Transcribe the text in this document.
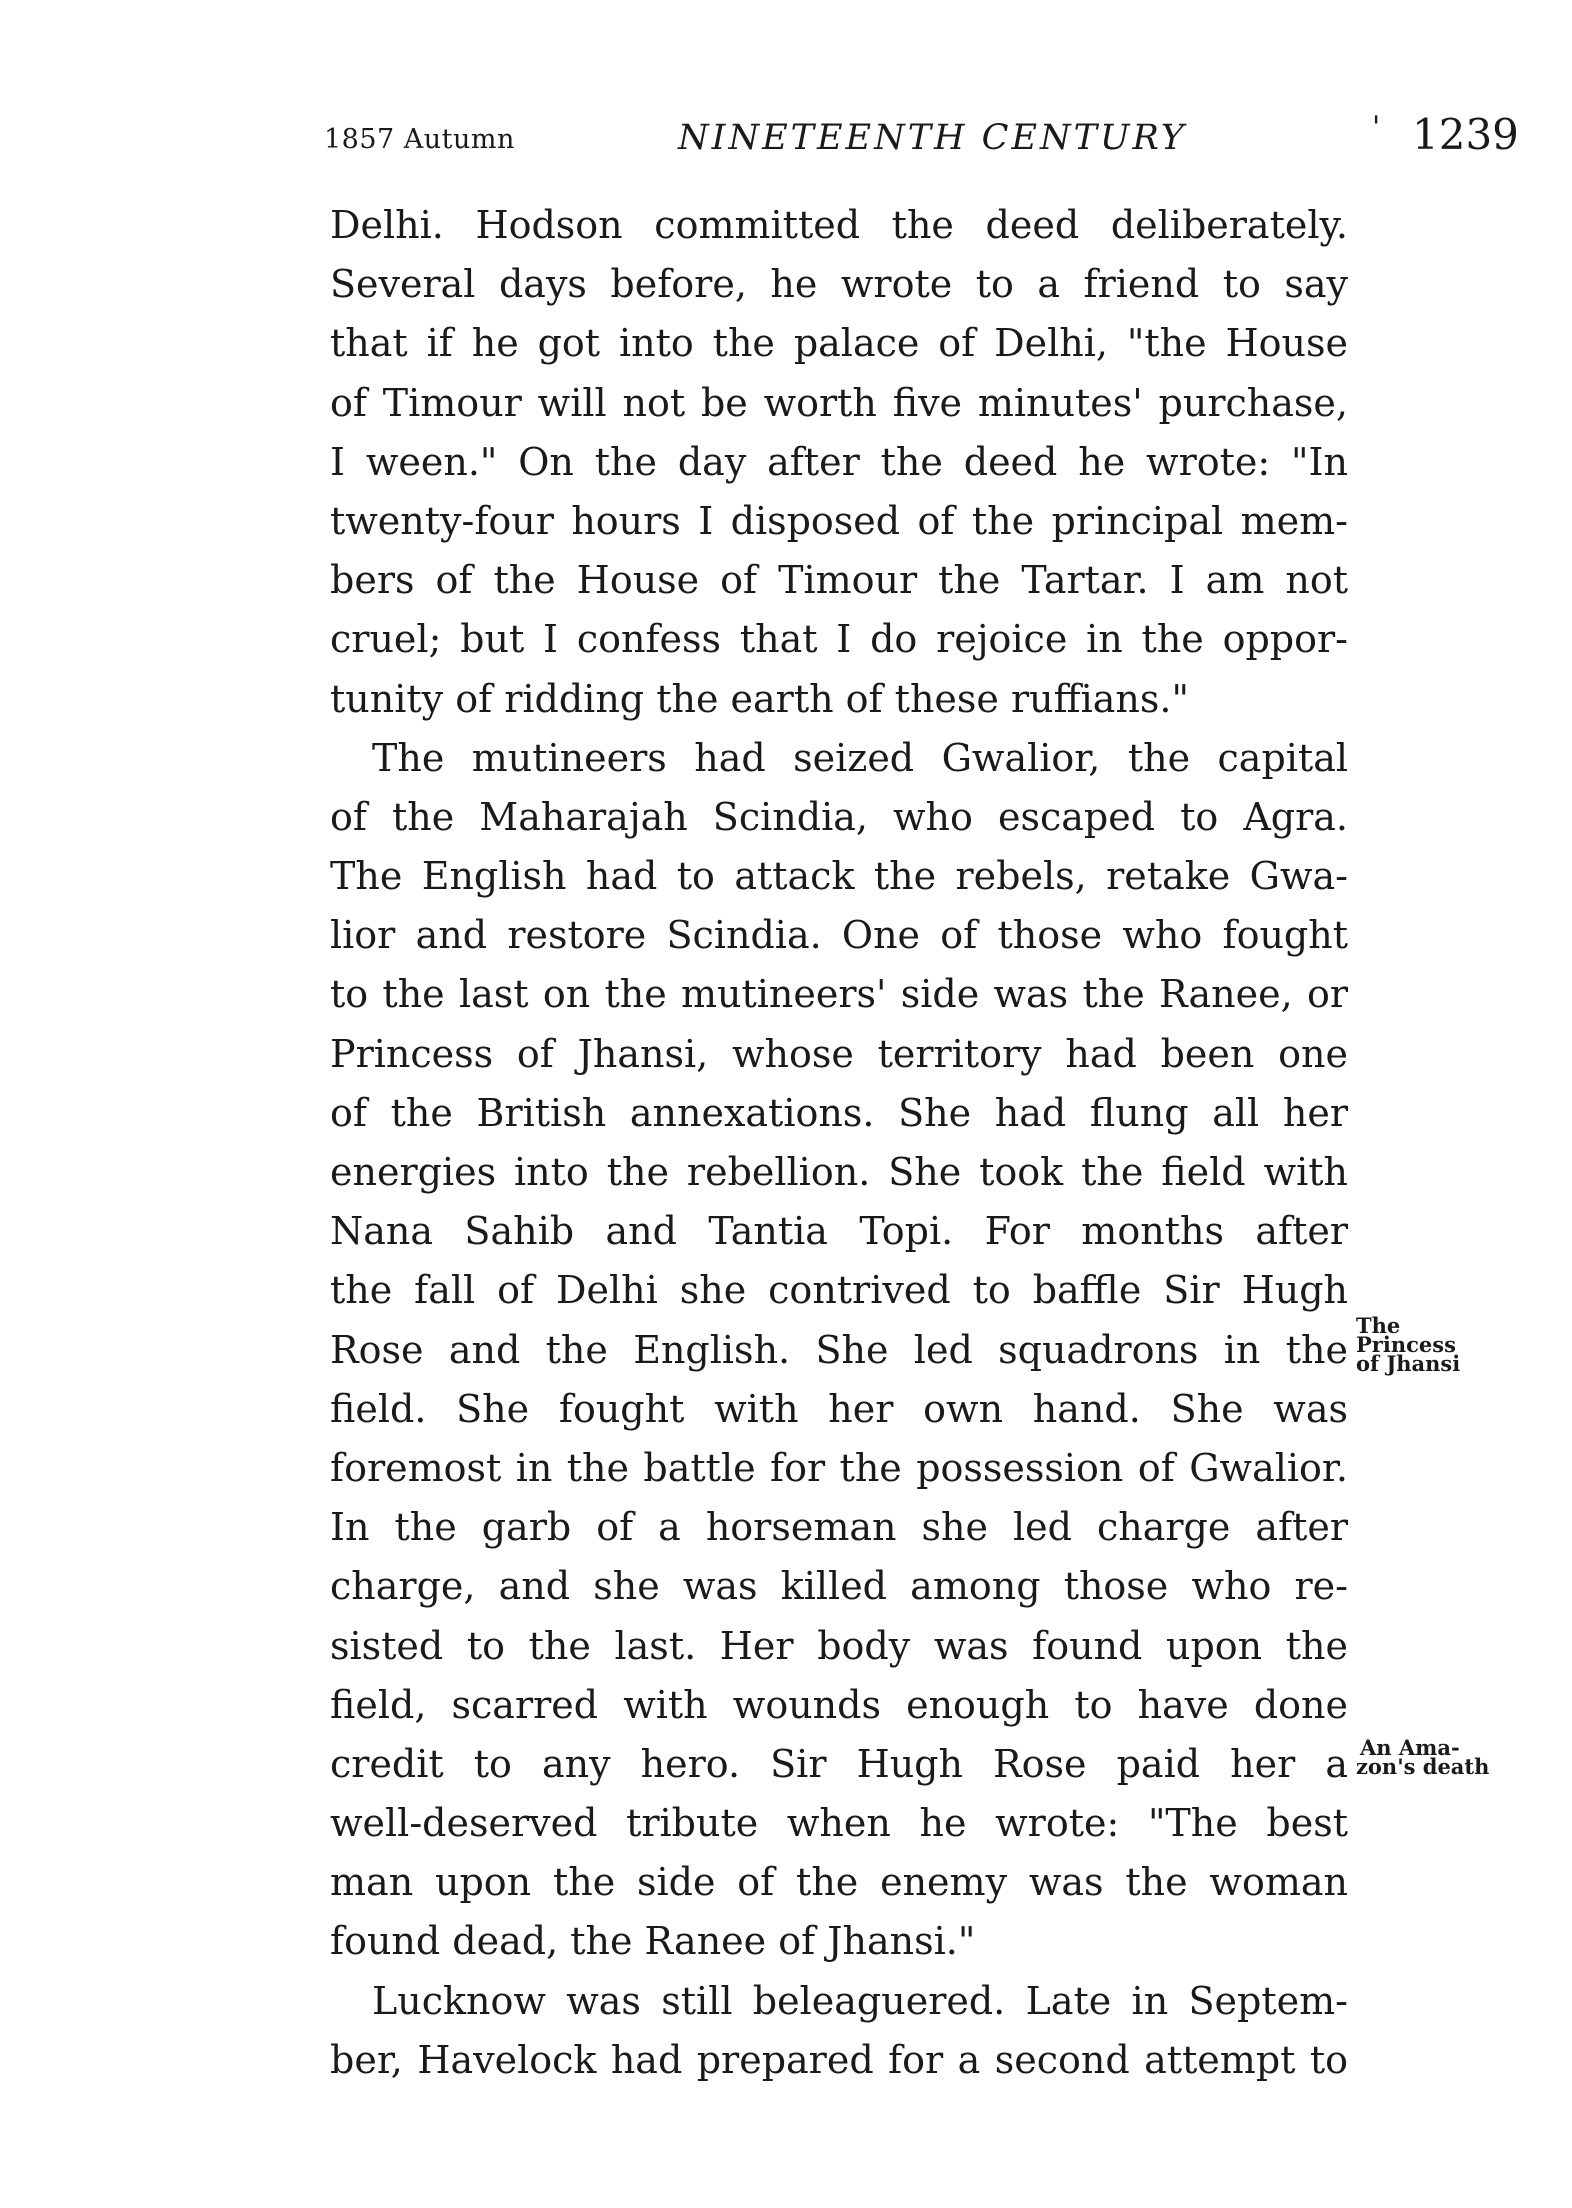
1857 Autumn	NINETEENTH CENTURY	' 1239
Delhi. Hodson committed the deed deliberately.
Several days before, he wrote to a friend to say
that if he got into the palace of Delhi, "the House
of Timour will not be worth five minutes' purchase,
I ween." On the day after the deed he wrote: "In
twenty-four hours I disposed of the principal mem-
bers of the House of Timour the Tartar. I am not
cruel; but I confess that I do rejoice in the oppor-
tunity of ridding the earth of these ruffians."
The mutineers had seized Gwalior, the capital
of the Maharajah Scindia, who escaped to Agra.
The English had to attack the rebels, retake Gwa-
lior and restore Scindia. One of those who fought
to the last on the mutineers' side was the Ranee, or
Princess of Jhansi, whose territory had been one
of the British annexations. She had flung all her
energies into the rebellion. She took the field with
Nana Sahib and Tantia Topi. For months after
the fall of Delhi she contrived to baffle Sir Hugh
Rose and the English. She led squadrons in the
field. She fought with her own hand. She was
foremost in the battle for the possession of Gwalior.
In the garb of a horseman she led charge after
charge, and she was killed among those who re-
sisted to the last. Her body was found upon the
field, scarred with wounds enough to have done
credit to any hero. Sir Hugh Rose paid her a
well-deserved tribute when he wrote: "The best
man upon the side of the enemy was the woman
found dead, the Ranee of Jhansi."
Lucknow was still beleaguered. Late in Septem-
ber, Havelock had prepared for a second attempt to
The
Princess
of Jhansi
An Ama-
zon's death
